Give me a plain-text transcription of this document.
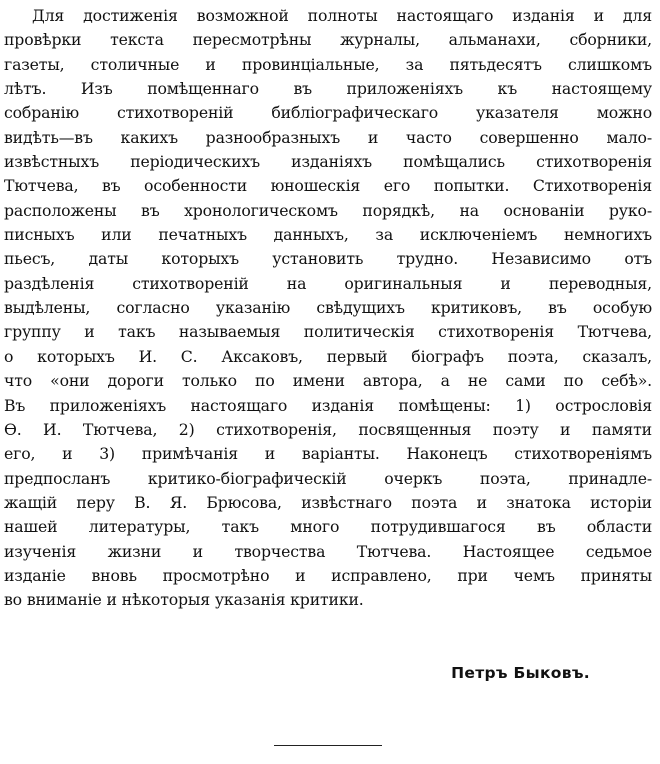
Для достиженія возможной полноты настоящаго изданія и для
провѣрки текста пересмотрѣны журналы, альманахи, сборники,
газеты, столичные и провинціальные, за пятьдесятъ слишкомъ
лѣтъ. Изъ помѣщеннаго въ приложеніяхъ къ настоящему
собранію стихотвореній библіографическаго указателя можно
видѣть—въ какихъ разнообразныхъ и часто совершенно мало-
извѣстныхъ періодическихъ изданіяхъ помѣщались стихотворенія
Тютчева, въ особенности юношескія его попытки. Стихотворенія
расположены въ хронологическомъ порядкѣ, на основаніи руко-
писныхъ или печатныхъ данныхъ, за исключеніемъ немногихъ
пьесъ, даты которыхъ установить трудно. Независимо отъ
раздѣленія стихотвореній на оригинальныя и переводныя,
выдѣлены, согласно указанію свѣдущихъ критиковъ, въ особую
группу и такъ называемыя политическія стихотворенія Тютчева,
о которыхъ И. С. Аксаковъ, первый біографъ поэта, сказалъ,
что «они дороги только по имени автора, а не сами по себѣ».
Въ приложеніяхъ настоящаго изданія помѣщены: 1) острословія
Ѳ. И. Тютчева, 2) стихотворенія, посвященныя поэту и памяти
его, и 3) примѣчанія и варіанты. Наконецъ стихотвореніямъ
предпосланъ критико-біографическій очеркъ поэта, принадле-
жащій перу В. Я. Брюсова, извѣстнаго поэта и знатока исторіи
нашей литературы, такъ много потрудившагося въ области
изученія жизни и творчества Тютчева. Настоящее седьмое
изданіе вновь просмотрѣно и исправлено, при чемъ приняты
во вниманіе и нѣкоторыя указанія критики.
Петръ Быковъ.
